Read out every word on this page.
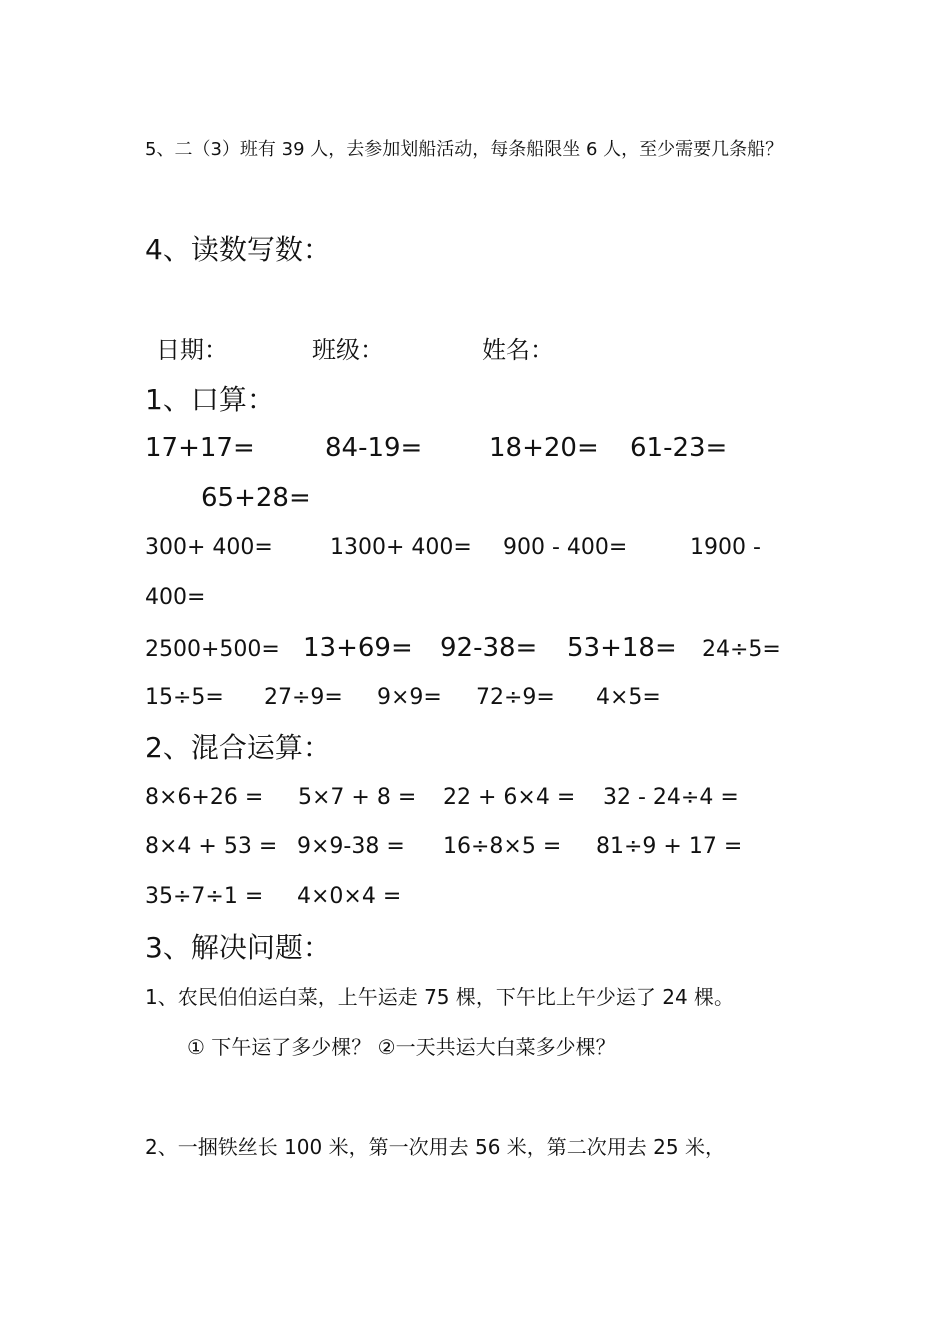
5、二（3）班有 39 人，去参加划船活动，每条船限坐 6 人，至少需要几条船？
4、读数写数：
日期：	班级：	姓名：
1、口算：
17+17=	84-19=	18+20= 61-23=
65+28=
300+ 400=	1300+ 400= 900 - 400=	1900 -
400=
2500+500= 13+69= 92-38= 53+18= 24÷5=
15÷5= 27÷9= 9×9= 72÷9= 4×5=
2、混合运算：
8×6+26 = 5×7 + 8 = 22 + 6×4 = 32 - 24÷4 =
8×4 + 53 = 9×9-38 = 16÷8×5 = 81÷9 + 17 =
35÷7÷1 = 4×0×4 =
3、解决问题：
1、农民伯伯运白菜，上午运走 75 棵，下午比上午少运了 24 棵。
① 下午运了多少棵？ ②一天共运大白菜多少棵？
2、一捆铁丝长 100 米，第一次用去 56 米，第二次用去 25 米，
